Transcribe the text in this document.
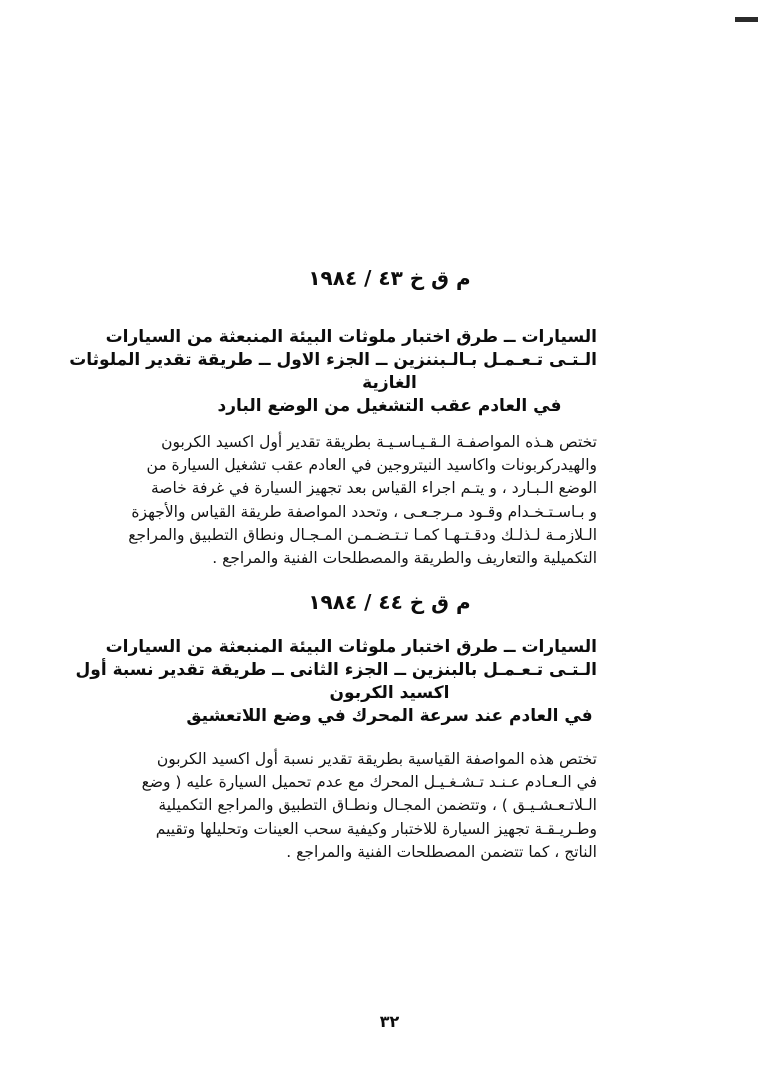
م ق خ ٤٣ / ١٩٨٤
السيارات ــ طرق اختبار ملوثات البيئة المنبعثة من السيارات
الـتـى تـعـمـل بـالـبننزين ــ الجزء الاول ــ طريقة تقدير الملوثات
الغازية
في العادم عقب التشغيل من الوضع البارد
تختص هـذه المواصفـة الـقـيـاسـيـة بطريقة تقدير أول اكسيد الكربون
والهيدركربونات واكاسيد النيتروجين في العادم عقب تشغيل السيارة من
الوضع الـبـارد ، و يتـم اجراء القياس بعد تجهيز السيارة في غرفة خاصة
و بـاسـتـخـدام وقـود مـرجـعـى ، وتحدد المواصفة طريقة القياس والأجهزة
الـلازمـة لـذلـك ودقـتـهـا كمـا تـتـضـمـن المـجـال ونطاق التطبيق والمراجع
التكميلية والتعاريف والطريقة والمصطلحات الفنية والمراجع .
م ق خ ٤٤ / ١٩٨٤
السيارات ــ طرق اختبار ملوثات البيئة المنبعثة من السيارات
الـتـى تـعـمـل بالبنزين ــ الجزء الثانى ــ طريقة تقدير نسبة أول
اكسيد الكربون
في العادم عند سرعة المحرك في وضع اللاتعشيق
تختص هذه المواصفة القياسية بطريقة تقدير نسبة أول اكسيد الكربون
في الـعـادم عـنـد تـشـغـيـل المحرك مع عدم تحميل السيارة عليه ( وضع
الـلاتـعـشـيـق ) ، وتتضمن المجـال ونطـاق التطبيق والمراجع التكميلية
وطـريـقـة تجهيز السيارة للاختبار وكيفية سحب العينات وتحليلها وتقييم
الناتج ، كما تتضمن المصطلحات الفنية والمراجع .
٣٢
